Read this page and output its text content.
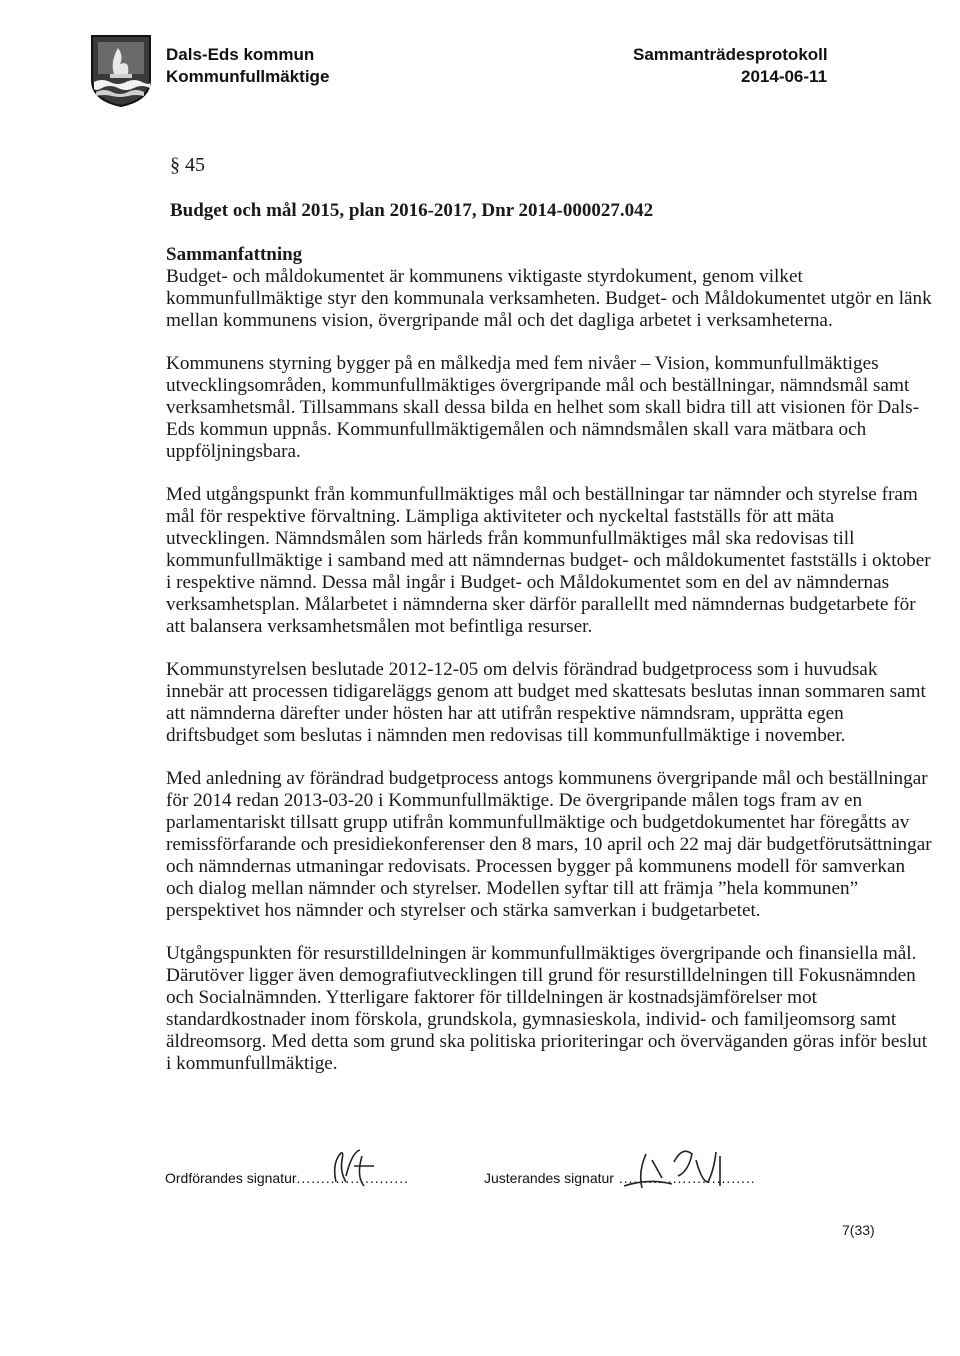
Dals-Eds kommun
Kommunfullmäktige
Sammanträdesprotokoll
2014-06-11
§ 45
Budget och mål 2015, plan 2016-2017, Dnr 2014-000027.042
Sammanfattning

Budget- och måldokumentet är kommunens viktigaste styrdokument, genom vilket kommunfullmäktige styr den kommunala verksamheten. Budget- och Måldokumentet utgör en länk mellan kommunens vision, övergripande mål och det dagliga arbetet i verksamheterna.

Kommunens styrning bygger på en målkedja med fem nivåer – Vision, kommunfullmäktiges utvecklingsområden, kommunfullmäktiges övergripande mål och beställningar, nämndsmål samt verksamhetsmål. Tillsammans skall dessa bilda en helhet som skall bidra till att visionen för Dals-Eds kommun uppnås. Kommunfullmäktigemålen och nämndsmålen skall vara mätbara och uppföljningsbara.

Med utgångspunkt från kommunfullmäktiges mål och beställningar tar nämnder och styrelse fram mål för respektive förvaltning. Lämpliga aktiviteter och nyckeltal fastställs för att mäta utvecklingen. Nämndsmålen som härleds från kommunfullmäktiges mål ska redovisas till kommunfullmäktige i samband med att nämndernas budget- och måldokumentet fastställs i oktober i respektive nämnd. Dessa mål ingår i Budget- och Måldokumentet som en del av nämndernas verksamhetsplan. Målarbetet i nämnderna sker därför parallellt med nämndernas budgetarbete för att balansera verksamhetsmålen mot befintliga resurser.

Kommunstyrelsen beslutade 2012-12-05 om delvis förändrad budgetprocess som i huvudsak innebär att processen tidigareläggs genom att budget med skattesats beslutas innan sommaren samt att nämnderna därefter under hösten har att utifrån respektive nämndsram, upprätta egen driftsbudget som beslutas i nämnden men redovisas till kommunfullmäktige i november.

Med anledning av förändrad budgetprocess antogs kommunens övergripande mål och beställningar för 2014 redan 2013-03-20 i Kommunfullmäktige. De övergripande målen togs fram av en parlamentariskt tillsatt grupp utifrån kommunfullmäktige och budgetdokumentet har föregåtts av remissförfarande och presidiekonferenser den 8 mars, 10 april och 22 maj där budgetförutsättningar och nämndernas utmaningar redovisats. Processen bygger på kommunens modell för samverkan och dialog mellan nämnder och styrelser. Modellen syftar till att främja ”hela kommunen” perspektivet hos nämnder och styrelser och stärka samverkan i budgetarbetet.

Utgångspunkten för resurstilldelningen är kommunfullmäktiges övergripande och finansiella mål. Därutöver ligger även demografiutvecklingen till grund för resurstilldelningen till Fokusnämnden och Socialnämnden. Ytterligare faktorer för tilldelningen är kostnadsjämförelser mot standardkostnader inom förskola, grundskola, gymnasieskola, individ- och familjeomsorg samt äldreomsorg. Med detta som grund ska politiska prioriteringar och överväganden göras inför beslut i kommunfullmäktige.

Ordförandes signatur.......................	Justerandes signatur ............................
7(33)
